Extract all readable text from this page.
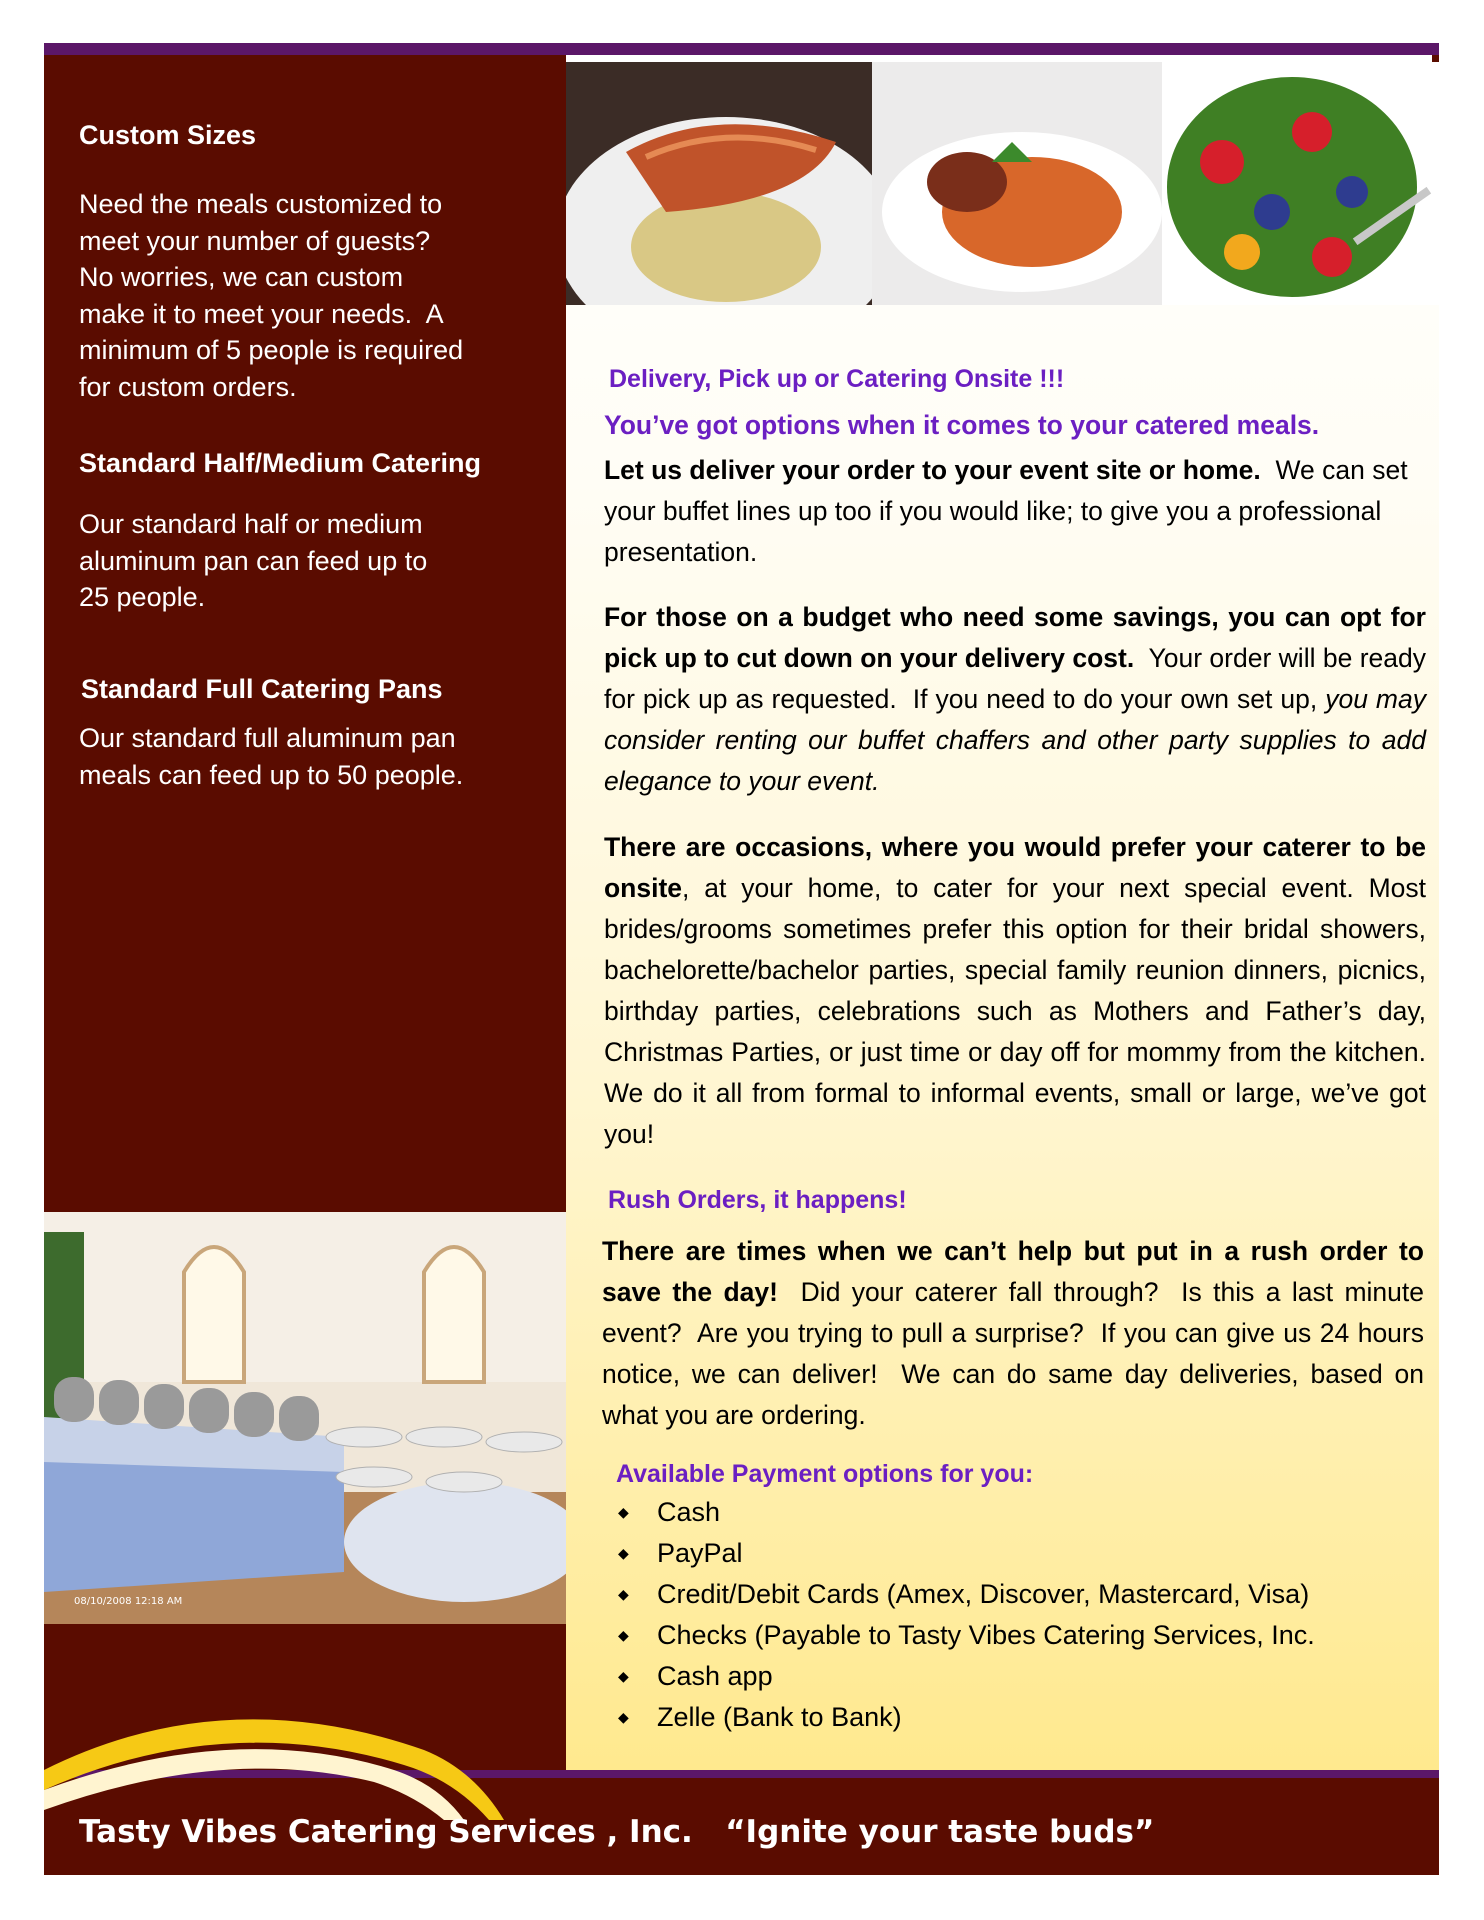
Custom Sizes
Need the meals customized to
meet your number of guests?
No worries, we can custom
make it to meet your needs.  A
minimum of 5 people is required
for custom orders.
Standard Half/Medium Catering
Our standard half or medium
aluminum pan can feed up to
25 people.
Standard Full Catering Pans
Our standard full aluminum pan
meals can feed up to 50 people.
08/10/2008 12:18 AM
Delivery, Pick up or Catering Onsite !!!
You’ve got options when it comes to your catered meals.
Let us deliver your order to your event site or home.  We can set your buffet lines up too if you would like; to give you a professional presentation.
For those on a budget who need some savings, you can opt for pick up to cut down on your delivery cost.  Your order will be ready for pick up as requested.  If you need to do your own set up, you may consider renting our buffet chaffers and other party supplies to add elegance to your event.
There are occasions, where you would prefer your caterer to be onsite, at your home, to cater for your next special event. Most brides/grooms sometimes prefer this option for their bridal showers, bachelorette/bachelor parties, special family reunion dinners, picnics, birthday parties, celebrations such as Mothers and Father’s day, Christmas Parties, or just time or day off for mommy from the kitchen. We do it all from formal to informal events, small or large, we’ve got you!
Rush Orders, it happens!
There are times when we can’t help but put in a rush order to save the day!  Did your caterer fall through?  Is this a last minute event?  Are you trying to pull a surprise?  If you can give us 24 hours notice, we can deliver!  We can do same day deliveries, based on what you are ordering.
Available Payment options for you:
◆ Cash
◆ PayPal
◆ Credit/Debit Cards (Amex, Discover, Mastercard, Visa)
◆ Checks (Payable to Tasty Vibes Catering Services, Inc.
◆ Cash app
◆ Zelle (Bank to Bank)
Tasty Vibes Catering Services , Inc. “Ignite your taste buds”
